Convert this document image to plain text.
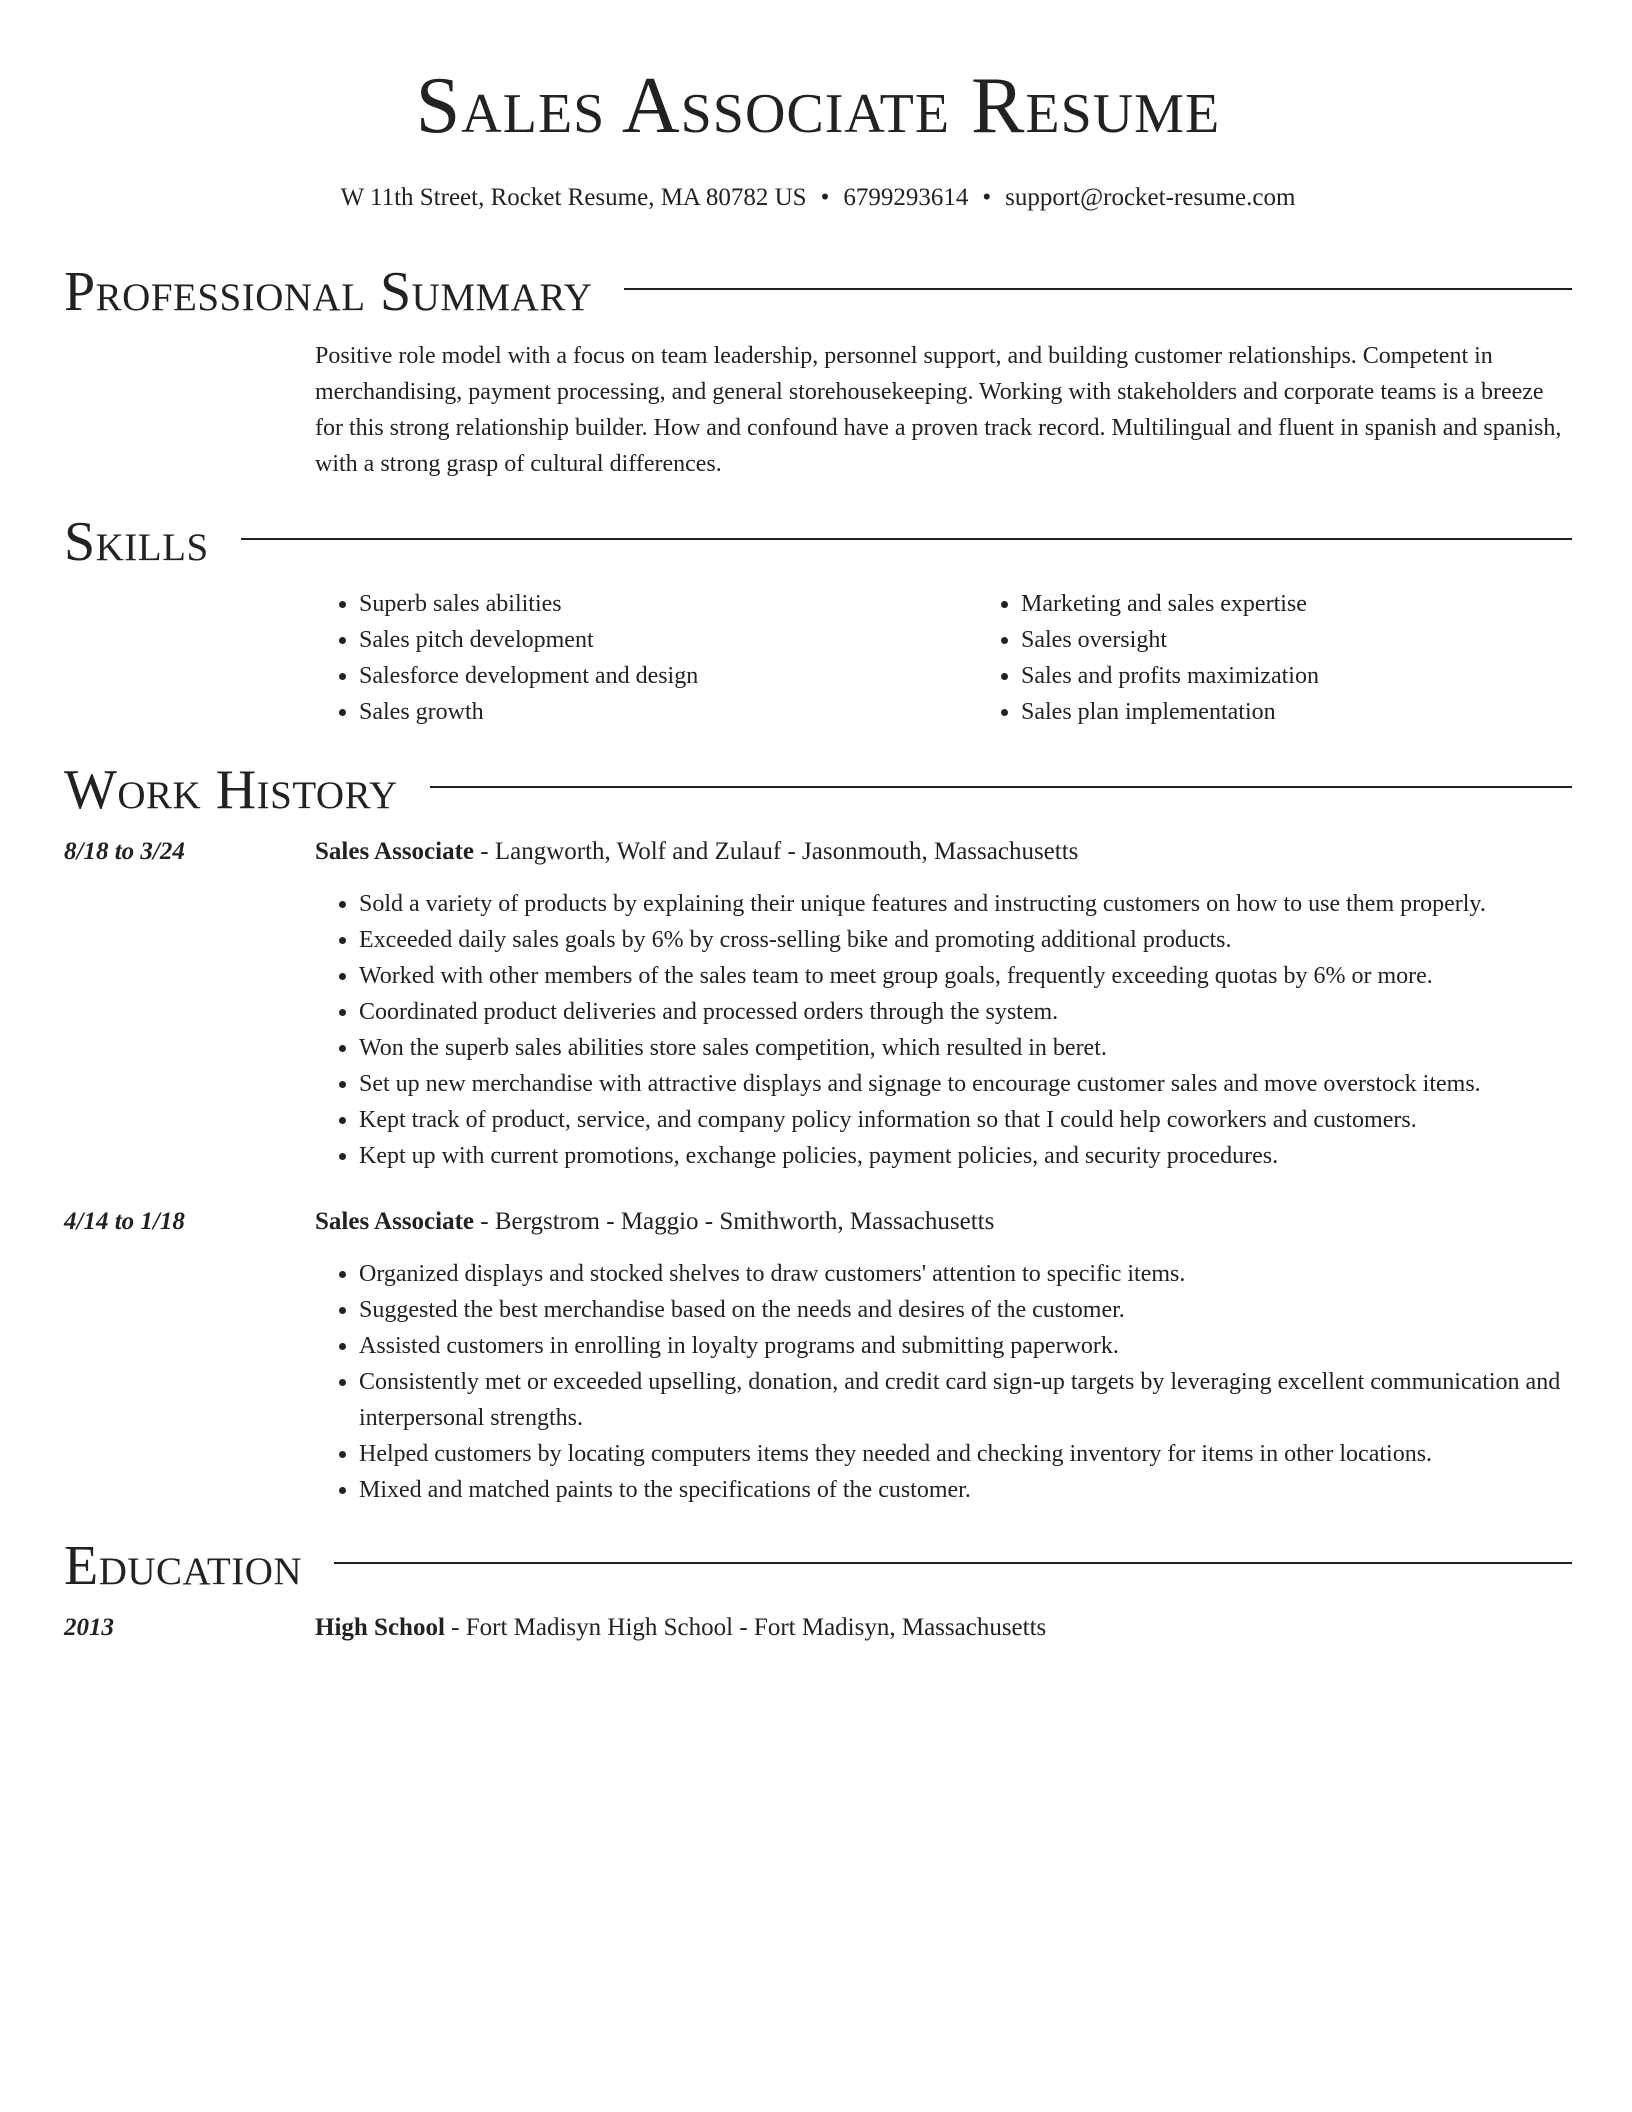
Sales Associate Resume
W 11th Street, Rocket Resume, MA 80782 US • 6799293614 • support@rocket-resume.com
Professional Summary
Positive role model with a focus on team leadership, personnel support, and building customer relationships. Competent in merchandising, payment processing, and general storehousekeeping. Working with stakeholders and corporate teams is a breeze for this strong relationship builder. How and confound have a proven track record. Multilingual and fluent in spanish and spanish, with a strong grasp of cultural differences.
Skills
• Superb sales abilities
• Sales pitch development
• Salesforce development and design
• Sales growth
• Marketing and sales expertise
• Sales oversight
• Sales and profits maximization
• Sales plan implementation
Work History
8/18 to 3/24	Sales Associate - Langworth, Wolf and Zulauf - Jasonmouth, Massachusetts
• Sold a variety of products by explaining their unique features and instructing customers on how to use them properly.
• Exceeded daily sales goals by 6% by cross-selling bike and promoting additional products.
• Worked with other members of the sales team to meet group goals, frequently exceeding quotas by 6% or more.
• Coordinated product deliveries and processed orders through the system.
• Won the superb sales abilities store sales competition, which resulted in beret.
• Set up new merchandise with attractive displays and signage to encourage customer sales and move overstock items.
• Kept track of product, service, and company policy information so that I could help coworkers and customers.
• Kept up with current promotions, exchange policies, payment policies, and security procedures.
4/14 to 1/18	Sales Associate - Bergstrom - Maggio - Smithworth, Massachusetts
• Organized displays and stocked shelves to draw customers' attention to specific items.
• Suggested the best merchandise based on the needs and desires of the customer.
• Assisted customers in enrolling in loyalty programs and submitting paperwork.
• Consistently met or exceeded upselling, donation, and credit card sign-up targets by leveraging excellent communication and interpersonal strengths.
• Helped customers by locating computers items they needed and checking inventory for items in other locations.
• Mixed and matched paints to the specifications of the customer.
Education
2013	High School - Fort Madisyn High School - Fort Madisyn, Massachusetts
